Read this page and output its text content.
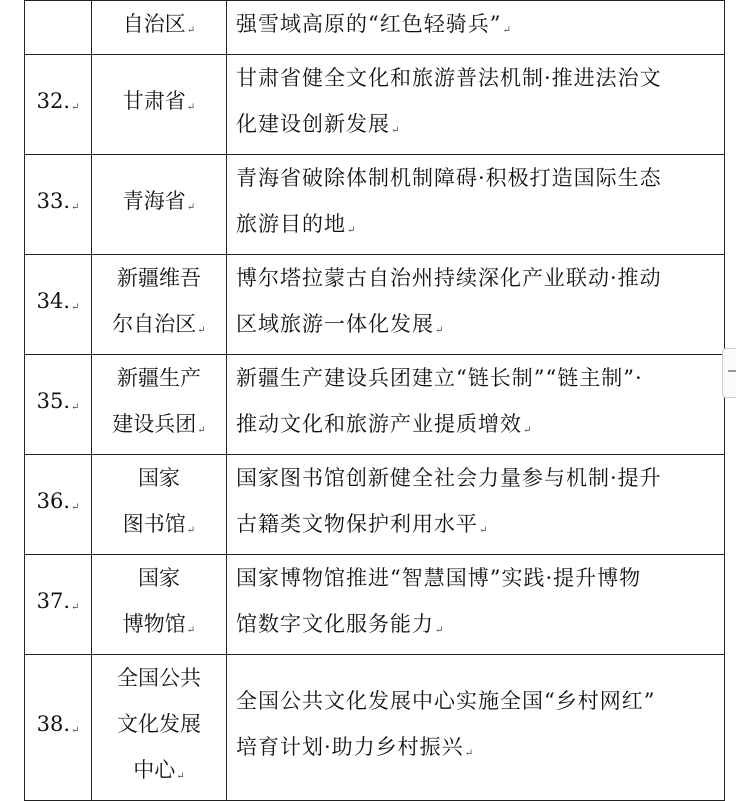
	自治区↵	强雪域高原的“红色轻骑兵”↵

32.↵	甘肃省↵	甘肃省健全文化和旅游普法机制·推进法治文
化建设创新发展↵

33.↵	青海省↵	青海省破除体制机制障碍·积极打造国际生态
旅游目的地↵

34.↵	新疆维吾
尔自治区↵	博尔塔拉蒙古自治州持续深化产业联动·推动
区域旅游一体化发展↵

35.↵	新疆生产
建设兵团↵	新疆生产建设兵团建立“链长制”“链主制”·
推动文化和旅游产业提质增效↵

36.↵	国家
图书馆↵	国家图书馆创新健全社会力量参与机制·提升
古籍类文物保护利用水平↵

37.↵	国家
博物馆↵	国家博物馆推进“智慧国博”实践·提升博物
馆数字文化服务能力↵

38.↵	全国公共
文化发展
中心↵	全国公共文化发展中心实施全国“乡村网红”
培育计划·助力乡村振兴↵
